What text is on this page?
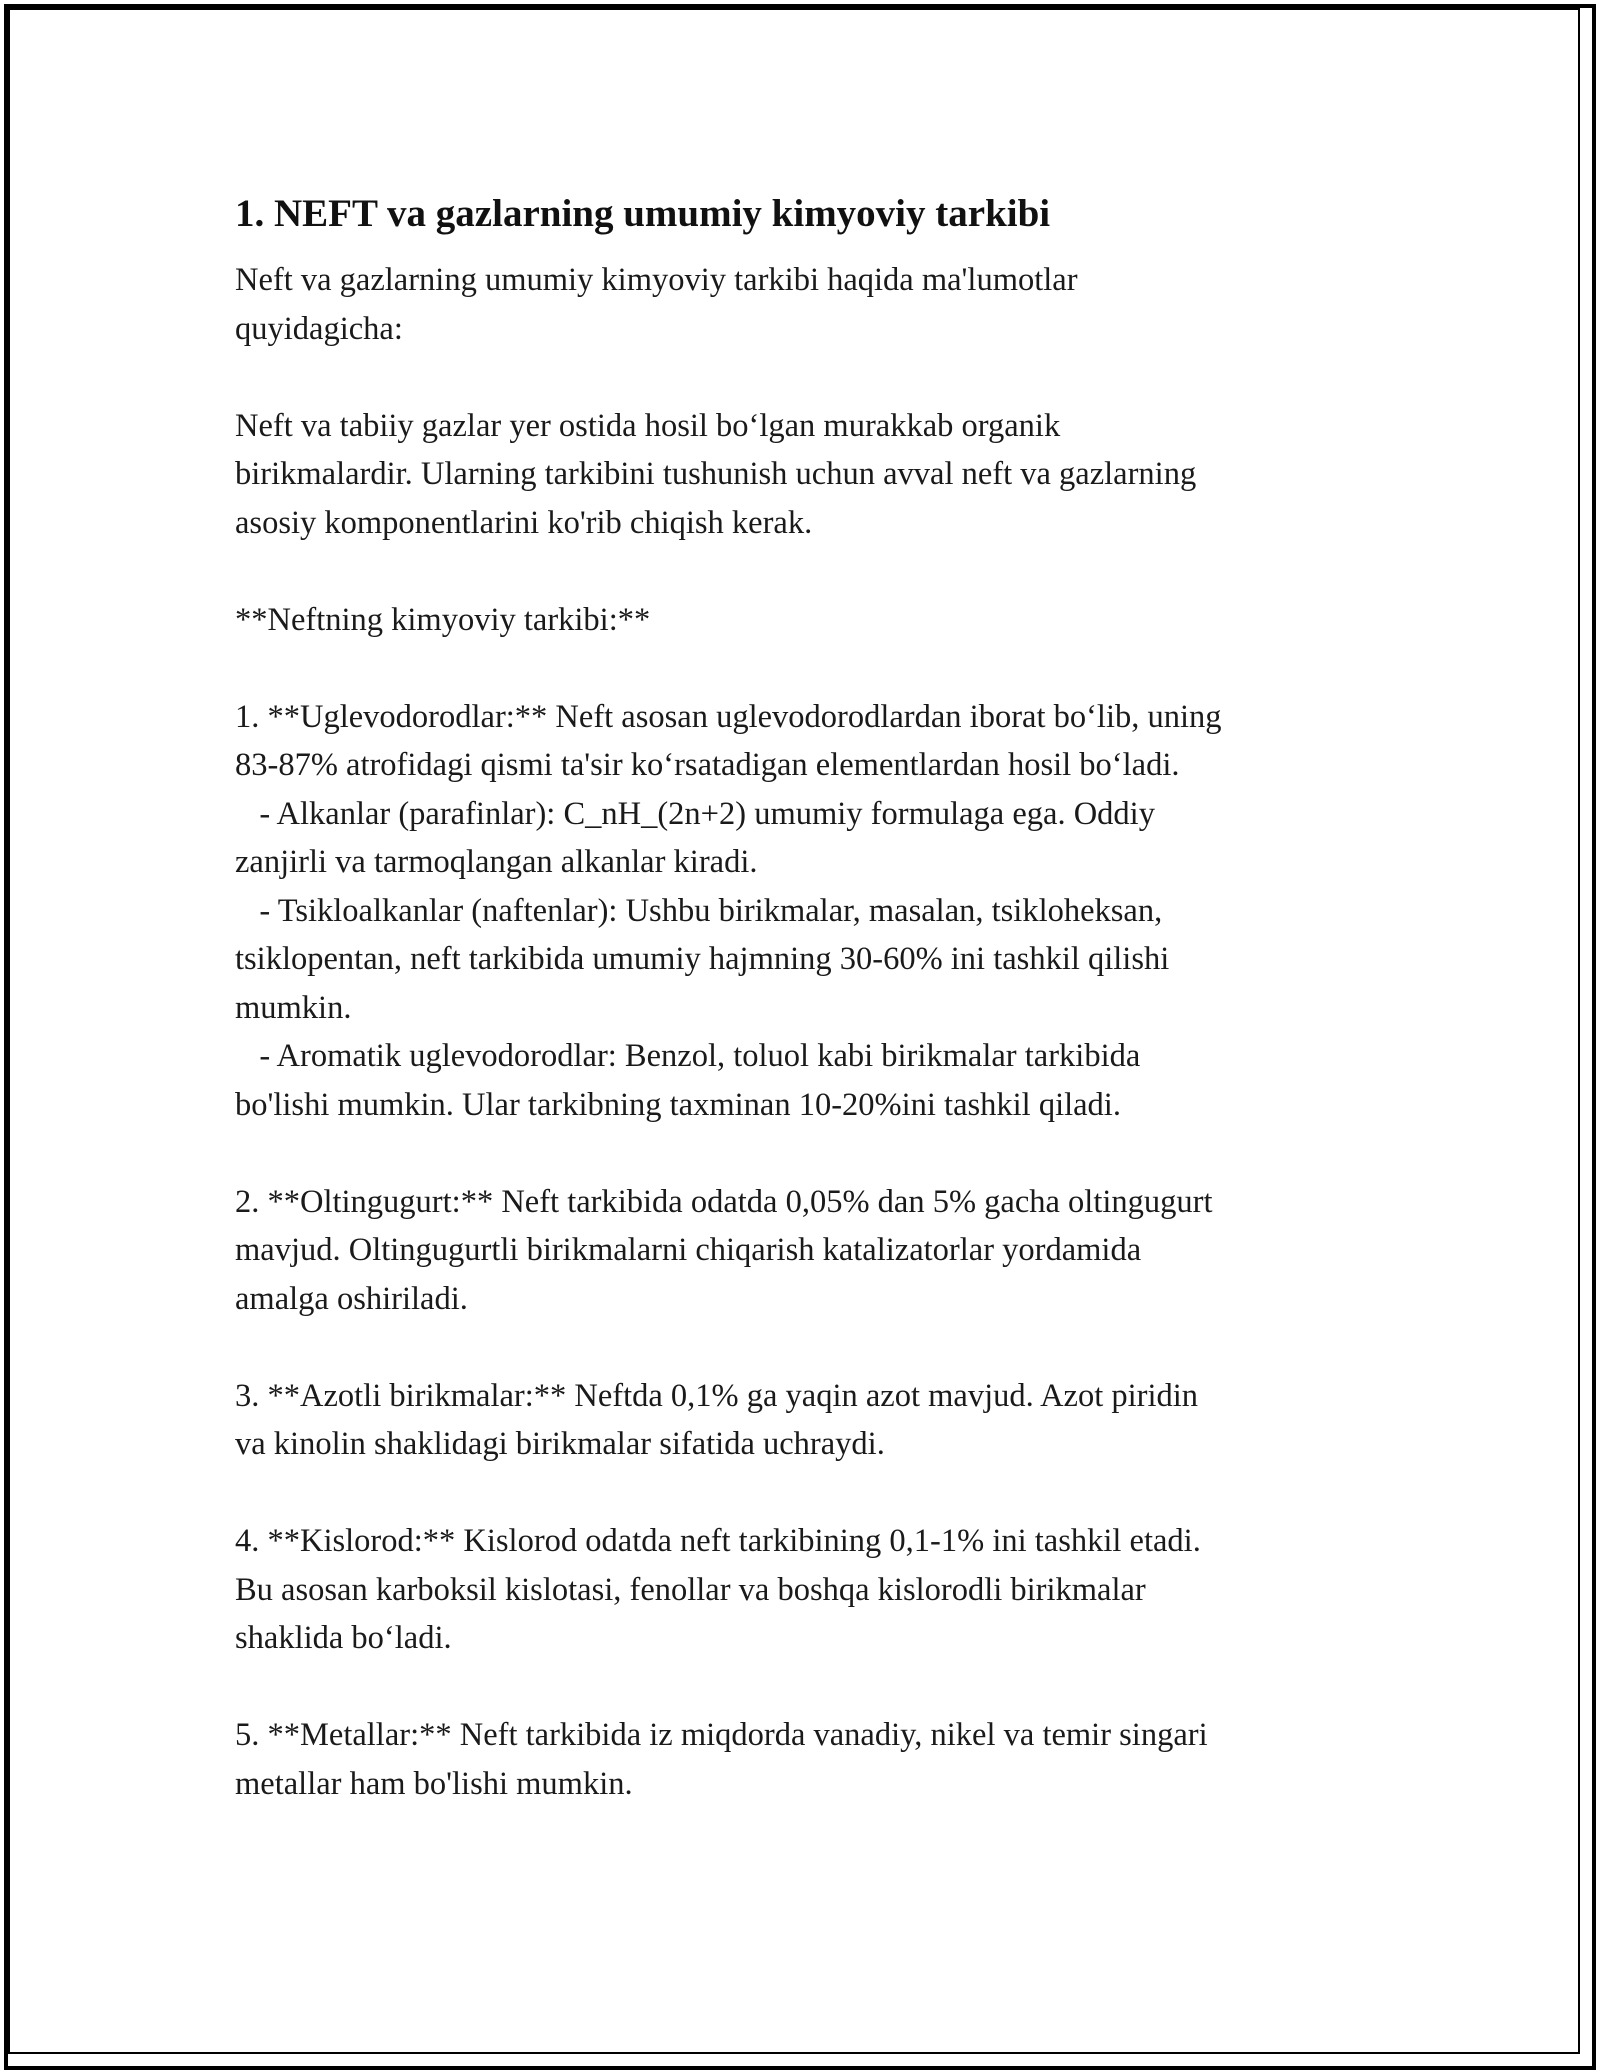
1. NEFT va gazlarning umumiy kimyoviy tarkibi
Neft va gazlarning umumiy kimyoviy tarkibi haqida ma'lumotlar
quyidagicha:
Neft va tabiiy gazlar yer ostida hosil bo‘lgan murakkab organik
birikmalardir. Ularning tarkibini tushunish uchun avval neft va gazlarning
asosiy komponentlarini ko'rib chiqish kerak.
**Neftning kimyoviy tarkibi:**
1. **Uglevodorodlar:** Neft asosan uglevodorodlardan iborat bo‘lib, uning
83-87% atrofidagi qismi ta'sir ko‘rsatadigan elementlardan hosil bo‘ladi.
- Alkanlar (parafinlar): C_nH_(2n+2) umumiy formulaga ega. Oddiy
zanjirli va tarmoqlangan alkanlar kiradi.
- Tsikloalkanlar (naftenlar): Ushbu birikmalar, masalan, tsikloheksan,
tsiklopentan, neft tarkibida umumiy hajmning 30-60% ini tashkil qilishi
mumkin.
- Aromatik uglevodorodlar: Benzol, toluol kabi birikmalar tarkibida
bo'lishi mumkin. Ular tarkibning taxminan 10-20%ini tashkil qiladi.
2. **Oltingugurt:** Neft tarkibida odatda 0,05% dan 5% gacha oltingugurt
mavjud. Oltingugurtli birikmalarni chiqarish katalizatorlar yordamida
amalga oshiriladi.
3. **Azotli birikmalar:** Neftda 0,1% ga yaqin azot mavjud. Azot piridin
va kinolin shaklidagi birikmalar sifatida uchraydi.
4. **Kislorod:** Kislorod odatda neft tarkibining 0,1-1% ini tashkil etadi.
Bu asosan karboksil kislotasi, fenollar va boshqa kislorodli birikmalar
shaklida bo‘ladi.
5. **Metallar:** Neft tarkibida iz miqdorda vanadiy, nikel va temir singari
metallar ham bo'lishi mumkin.
